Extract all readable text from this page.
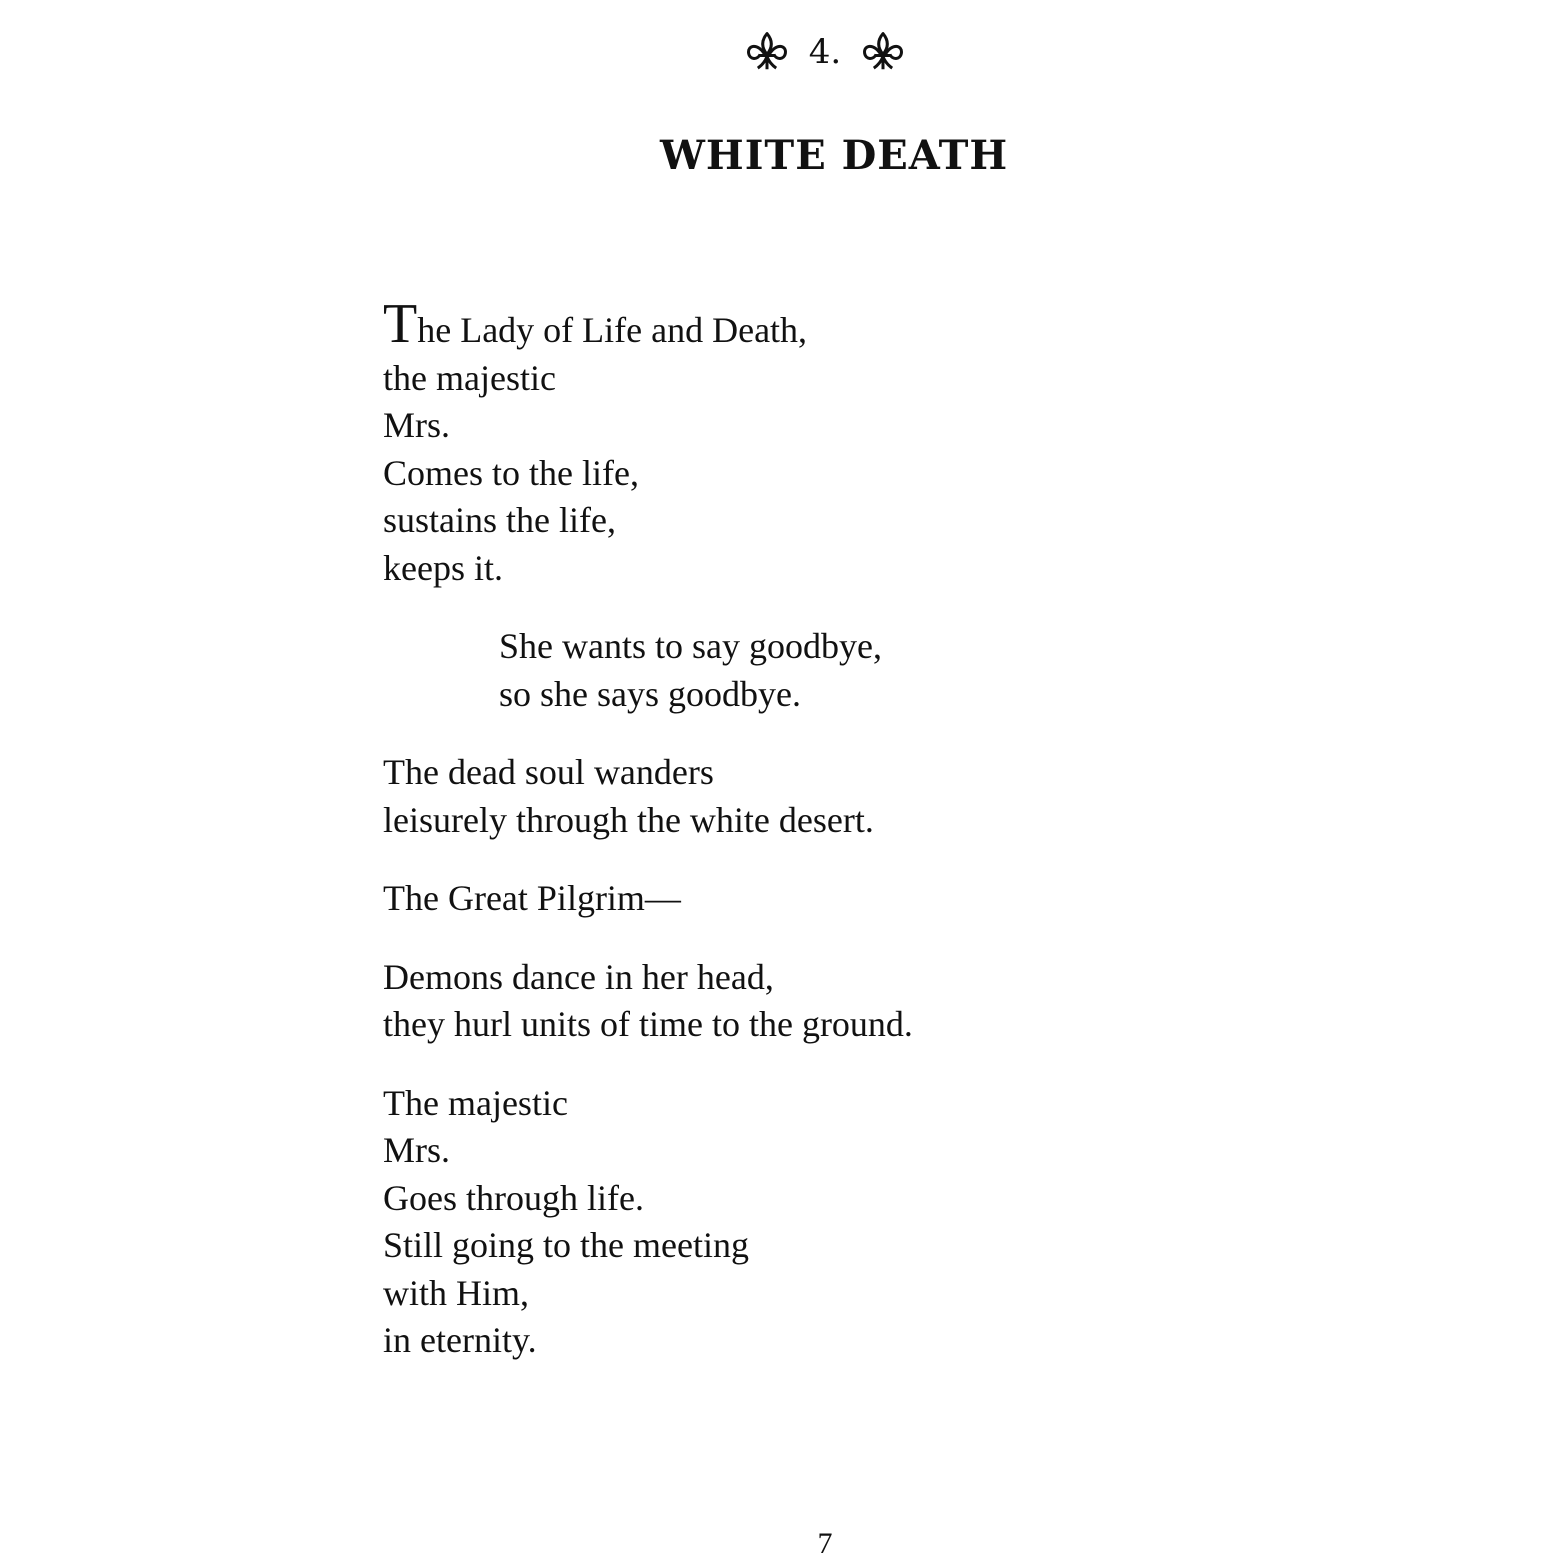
4.
WHITE DEATH
The Lady of Life and Death,
the majestic
Mrs.
Comes to the life,
sustains the life,
keeps it.
She wants to say goodbye,
so she says goodbye.
The dead soul wanders
leisurely through the white desert.
The Great Pilgrim—
Demons dance in her head,
they hurl units of time to the ground.
The majestic
Mrs.
Goes through life.
Still going to the meeting
with Him,
in eternity.
7
